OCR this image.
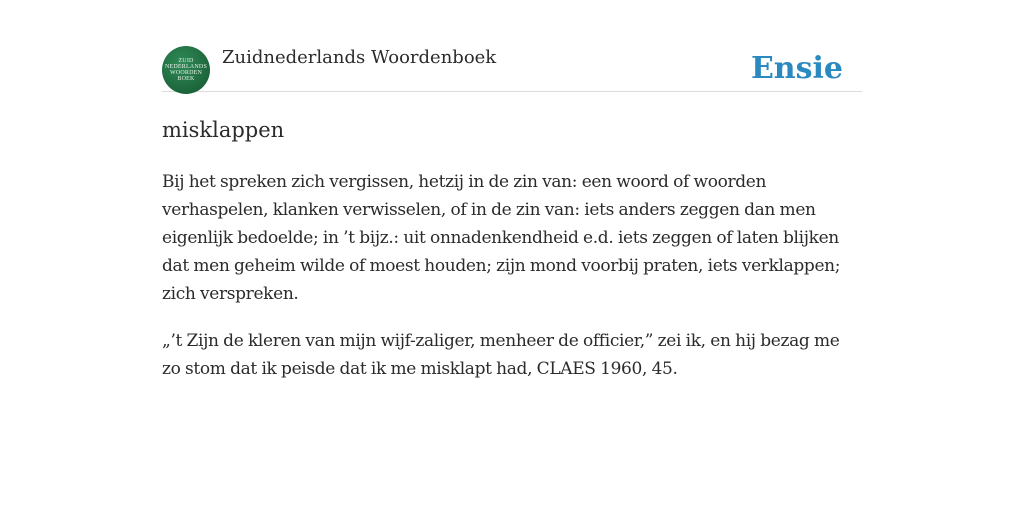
ZUID
NEDERLANDS
WOORDEN
BOEK
Zuidnederlands Woordenboek	Ensie
misklappen

Bij het spreken zich vergissen, hetzij in de zin van: een woord of woorden verhaspelen, klanken verwisselen, of in de zin van: iets anders zeggen dan men eigenlijk bedoelde; in ’t bijz.: uit onnadenkendheid e.d. iets zeggen of laten blijken dat men geheim wilde of moest houden; zijn mond voorbij praten, iets verklappen; zich verspreken.

„’t Zijn de kleren van mijn wijf-zaliger, menheer de officier,” zei ik, en hij bezag me zo stom dat ik peisde dat ik me misklapt had, CLAES 1960, 45.
